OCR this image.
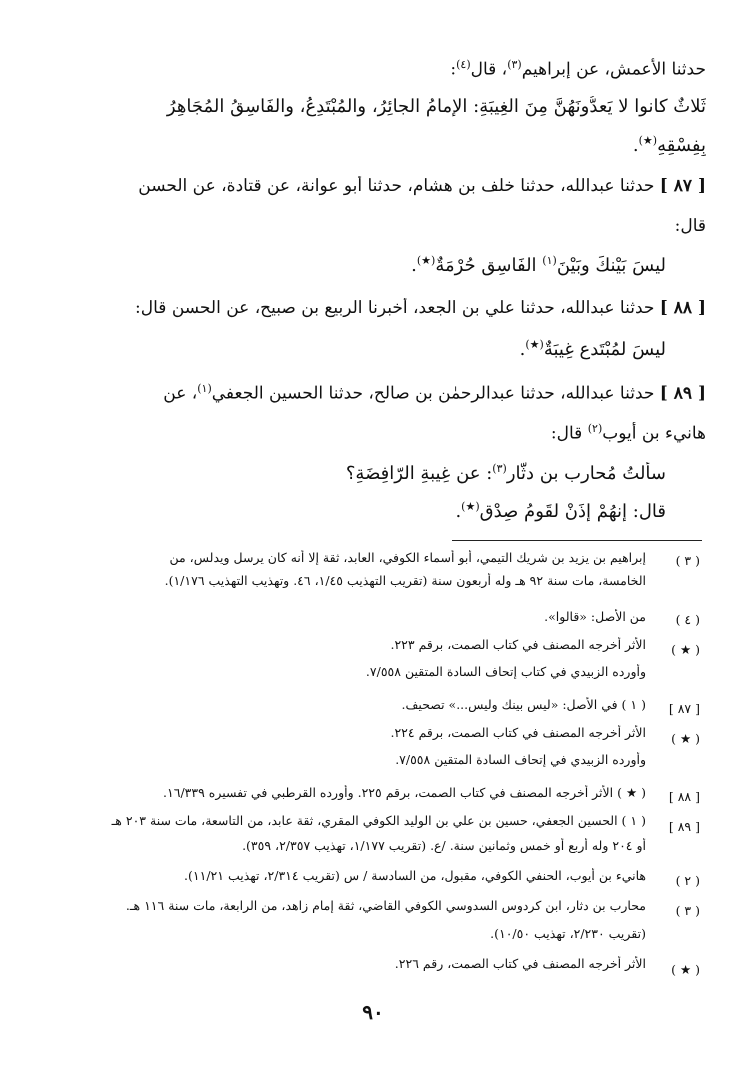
حدثنا الأعمش، عن إبراهيم$^{(٣)}$، قال$^{(٤)}$:
ثَلاثٌ كانوا لا يَعدُّونَهُنَّ مِنَ الغِيبَةِ: الإمامُ الجائِرُ، والمُبْتَدِعُ، والفَاسِقُ المُجَاهِرُ
بِفِسْقِهِ(★).
[ ٨٧ ] حدثنا عبدالله، حدثنا خلف بن هشام، حدثنا أبو عوانة، عن قتادة، عن الحسن
قال:
ليسَ بَيْنكَ وبَيْنَ$^{(١)}$ الفَاسِق حُرْمَةٌ(★).
[ ٨٨ ] حدثنا عبدالله، حدثنا علي بن الجعد، أخبرنا الربيع بن صبيح، عن الحسن قال:
ليسَ لمُبْتَدعٍ غِيبَةٌ(★).
[ ٨٩ ] حدثنا عبدالله، حدثنا عبدالرحمٰن بن صالح، حدثنا الحسين الجعفي$^{(١)}$، عن
هانيء بن أيوب$^{(٢)}$ قال:
سألتُ مُحارب بن دثّار$^{(٣)}$: عن غِيبةِ الرّافِضَةِ؟
قال: إنهُمْ إذَنْ لقَومُ صِدْقٍ(★).
( ٣ )
إبراهيم بن يزيد بن شريك التيمي، أبو أسماء الكوفي، العابد، ثقة إلا أنه كان يرسل ويدلس، من
الخامسة، مات سنة ٩٢ هـ وله أربعون سنة (تقريب التهذيب ١/٤٥، ٤٦. وتهذيب التهذيب ١/١٧٦).
( ٤ )
من الأصل: «قالوا».
( ★ )
الأثر أخرجه المصنف في كتاب الصمت، برقم ٢٢٣.
وأورده الزبيدي في كتاب إتحاف السادة المتقين ٧/٥٥٨.
[ ٨٧ ]
( ١ ) في الأصل: «ليس بينك وليس...» تصحيف.
( ★ )
الأثر أخرجه المصنف في كتاب الصمت، برقم ٢٢٤.
وأورده الزبيدي في إتحاف السادة المتقين ٧/٥٥٨.
[ ٨٨ ]
( ★ ) الأثر أخرجه المصنف في كتاب الصمت، برقم ٢٢٥. وأورده القرطبي في تفسيره ١٦/٣٣٩.
[ ٨٩ ]
( ١ ) الحسين الجعفي، حسين بن علي بن الوليد الكوفي المقري، ثقة عابد، من التاسعة، مات سنة ٢٠٣ هـ
أو ٢٠٤ وله أربع أو خمس وثمانين سنة. /ع. (تقريب ١/١٧٧، تهذيب ٢/٣٥٧، ٣٥٩).
( ٢ )
هانيء بن أيوب، الحنفي الكوفي، مقبول، من السادسة / س (تقريب ٢/٣١٤، تهذيب ١١/٢١).
( ٣ )
محارب بن دثار، ابن كردوس السدوسي الكوفي القاضي، ثقة إمام زاهد، من الرابعة، مات سنة ١١٦ هـ.
(تقريب ٢/٢٣٠، تهذيب ١٠/٥٠).
( ★ )
الأثر أخرجه المصنف في كتاب الصمت، رقم ٢٢٦.
٩٠
